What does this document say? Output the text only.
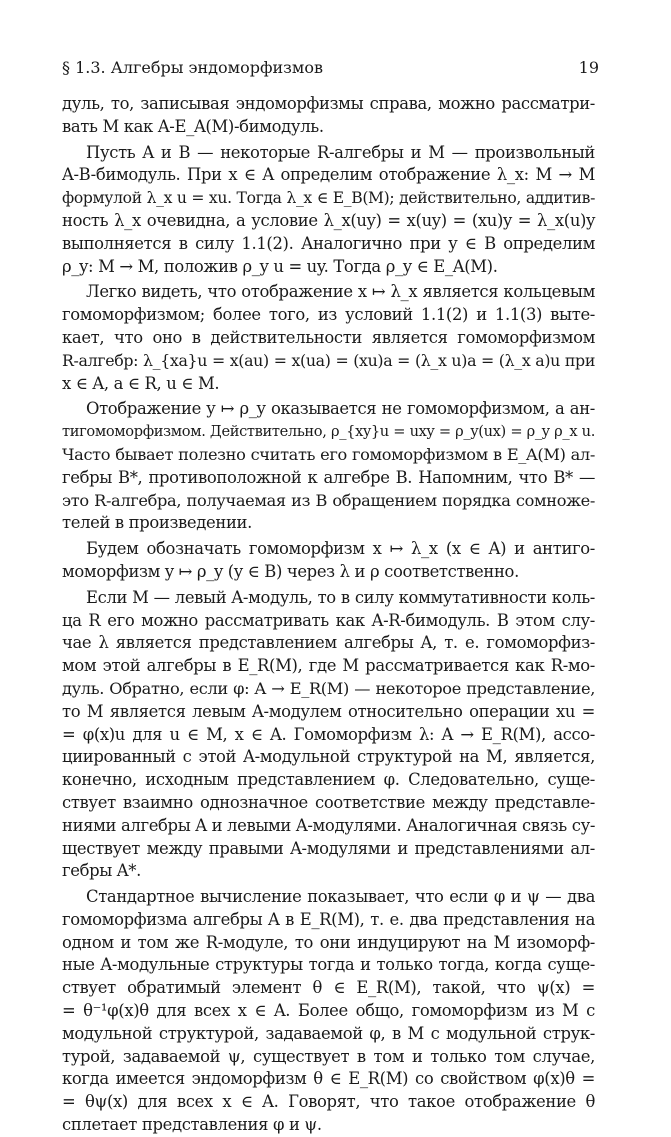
§ 1.3. Алгебры эндоморфизмов	19
дуль, то, записывая эндоморфизмы справа, можно рассматри-
вать M как A-E_A(M)-бимодуль.
Пусть A и B — некоторые R-алгебры и M — произвольный
A-B-бимодуль. При x ∈ A определим отображение λ_x: M → M
формулой λ_x u = xu. Тогда λ_x ∈ E_B(M); действительно, аддитив-
ность λ_x очевидна, а условие λ_x(uy) = x(uy) = (xu)y = λ_x(u)y
выполняется в силу 1.1(2). Аналогично при y ∈ B определим
ρ_y: M → M, положив ρ_y u = uy. Тогда ρ_y ∈ E_A(M).
Легко видеть, что отображение x ↦ λ_x является кольцевым
гомоморфизмом; более того, из условий 1.1(2) и 1.1(3) выте-
кает, что оно в действительности является гомоморфизмом
R-алгебр: λ_{xa}u = x(au) = x(ua) = (xu)a = (λ_x u)a = (λ_x a)u при
x ∈ A, a ∈ R, u ∈ M.
Отображение y ↦ ρ_y оказывается не гомоморфизмом, а ан-
тигомоморфизмом. Действительно, ρ_{xy}u = uxy = ρ_y(ux) = ρ_y ρ_x u.
Часто бывает полезно считать его гомоморфизмом в E_A(M) ал-
гебры B*, противоположной к алгебре B. Напомним, что B* —
это R-алгебра, получаемая из B обращением порядка сомноже-
телей в произведении.
Будем обозначать гомоморфизм x ↦ λ_x (x ∈ A) и антиго-
моморфизм y ↦ ρ_y (y ∈ B) через λ и ρ соответственно.
Если M — левый A-модуль, то в силу коммутативности коль-
ца R его можно рассматривать как A-R-бимодуль. В этом слу-
чае λ является представлением алгебры A, т. е. гомоморфиз-
мом этой алгебры в E_R(M), где M рассматривается как R-мо-
дуль. Обратно, если φ: A → E_R(M) — некоторое представление,
то M является левым A-модулем относительно операции xu =
= φ(x)u для u ∈ M, x ∈ A. Гомоморфизм λ: A → E_R(M), ассо-
циированный с этой A-модульной структурой на M, является,
конечно, исходным представлением φ. Следовательно, суще-
ствует взаимно однозначное соответствие между представле-
ниями алгебры A и левыми A-модулями. Аналогичная связь су-
ществует между правыми A-модулями и представлениями ал-
гебры A*.
Стандартное вычисление показывает, что если φ и ψ — два
гомоморфизма алгебры A в E_R(M), т. е. два представления на
одном и том же R-модуле, то они индуцируют на M изоморф-
ные A-модульные структуры тогда и только тогда, когда суще-
ствует обратимый элемент θ ∈ E_R(M), такой, что ψ(x) =
= θ⁻¹φ(x)θ для всех x ∈ A. Более общо, гомоморфизм из M с
модульной структурой, задаваемой φ, в M с модульной струк-
турой, задаваемой ψ, существует в том и только том случае,
когда имеется эндоморфизм θ ∈ E_R(M) со свойством φ(x)θ =
= θψ(x) для всех x ∈ A. Говорят, что такое отображение θ
сплетает представления φ и ψ.
